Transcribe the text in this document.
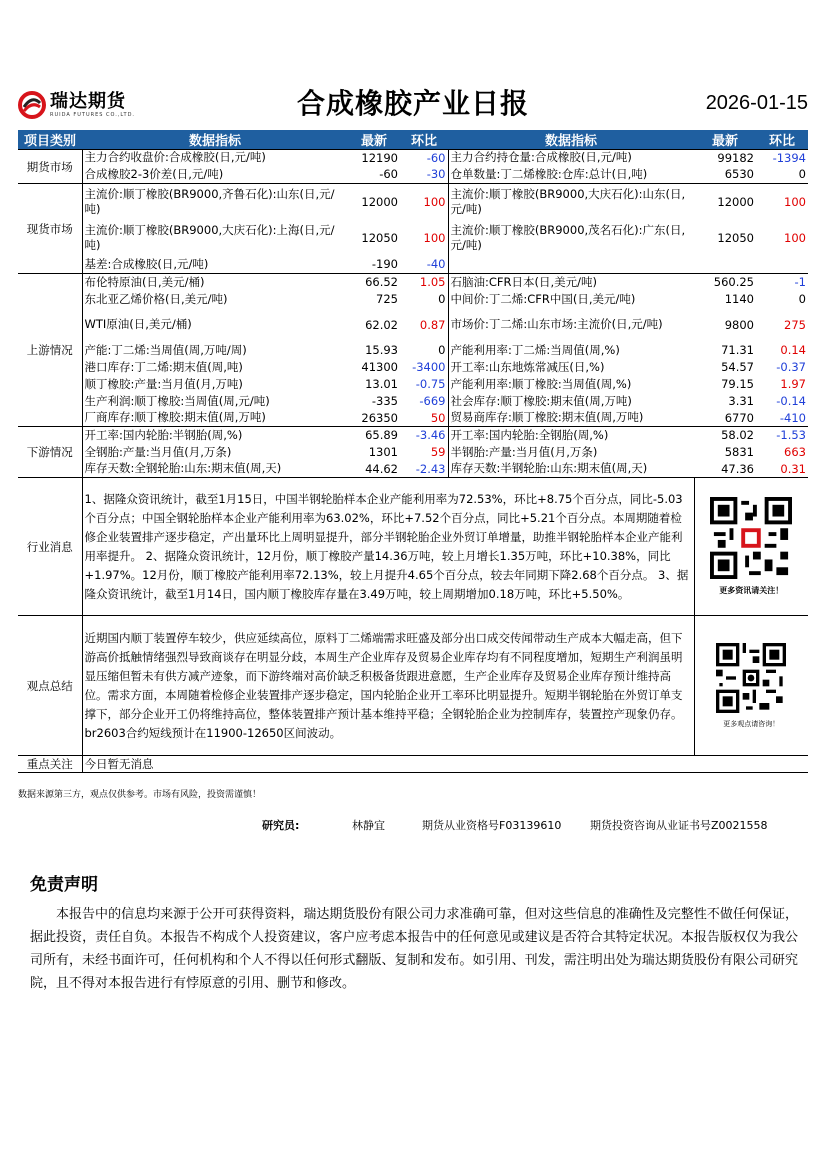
瑞达期货
RUIDA FUTURES CO.,LTD.	合成橡胶产业日报	2026-01-15
项目类别	数据指标	最新	环比	数据指标	最新	环比
期货市场	主力合约收盘价:合成橡胶(日,元/吨)	12190	-60	主力合约持仓量:合成橡胶(日,元/吨)	99182	-1394
	合成橡胶2-3价差(日,元/吨)	-60	-30	仓单数量:丁二烯橡胶:仓库:总计(日,吨)	6530	0
现货市场	主流价:顺丁橡胶(BR9000,齐鲁石化):山东(日,元/吨)	12000	100	主流价:顺丁橡胶(BR9000,大庆石化):山东(日,元/吨)	12000	100
	主流价:顺丁橡胶(BR9000,大庆石化):上海(日,元/吨)	12050	100	主流价:顺丁橡胶(BR9000,茂名石化):广东(日,元/吨)	12050	100
	基差:合成橡胶(日,元/吨)	-190	-40			
上游情况	布伦特原油(日,美元/桶)	66.52	1.05	石脑油:CFR日本(日,美元/吨)	560.25	-1
	东北亚乙烯价格(日,美元/吨)	725	0	中间价:丁二烯:CFR中国(日,美元/吨)	1140	0
	WTI原油(日,美元/桶)	62.02	0.87	市场价:丁二烯:山东市场:主流价(日,元/吨)	9800	275
	产能:丁二烯:当周值(周,万吨/周)	15.93	0	产能利用率:丁二烯:当周值(周,%)	71.31	0.14
	港口库存:丁二烯:期末值(周,吨)	41300	-3400	开工率:山东地炼常减压(日,%)	54.57	-0.37
	顺丁橡胶:产量:当月值(月,万吨)	13.01	-0.75	产能利用率:顺丁橡胶:当周值(周,%)	79.15	1.97
	生产利润:顺丁橡胶:当周值(周,元/吨)	-335	-669	社会库存:顺丁橡胶:期末值(周,万吨)	3.31	-0.14
	厂商库存:顺丁橡胶:期末值(周,万吨)	26350	50	贸易商库存:顺丁橡胶:期末值(周,万吨)	6770	-410
下游情况	开工率:国内轮胎:半钢胎(周,%)	65.89	-3.46	开工率:国内轮胎:全钢胎(周,%)	58.02	-1.53
	全钢胎:产量:当月值(月,万条)	1301	59	半钢胎:产量:当月值(月,万条)	5831	663
	库存天数:全钢轮胎:山东:期末值(周,天)	44.62	-2.43	库存天数:半钢轮胎:山东:期末值(周,天)	47.36	0.31
行业消息	1、据隆众资讯统计，截至1月15日，中国半钢轮胎样本企业产能利用率为72.53%，环比+8.75个百分点，同比-5.03个百分点；中国全钢轮胎样本企业产能利用率为63.02%，环比+7.52个百分点，同比+5.21个百分点。本周期随着检修企业装置排产逐步稳定，产出量环比上周明显提升，部分半钢轮胎企业外贸订单增量，助推半钢轮胎样本企业产能利用率提升。 2、据隆众资讯统计，12月份，顺丁橡胶产量14.36万吨，较上月增长1.35万吨，环比+10.38%，同比+1.97%。12月份，顺丁橡胶产能利用率72.13%，较上月提升4.65个百分点，较去年同期下降2.68个百分点。 3、据隆众资讯统计，截至1月14日，国内顺丁橡胶库存量在3.49万吨，较上周期增加0.18万吨，环比+5.50%。				更多资讯请关注！	

观点总结	近期国内顺丁装置停车较少，供应延续高位，原料丁二烯端需求旺盛及部分出口成交传闻带动生产成本大幅走高，但下游高价抵触情绪强烈导致商谈存在明显分歧，本周生产企业库存及贸易企业库存均有不同程度增加，短期生产利润虽明显压缩但暂未有供方减产迹象，而下游终端对高价缺乏积极备货跟进意愿，生产企业库存及贸易企业库存预计维持高位。需求方面，本周随着检修企业装置排产逐步稳定，国内轮胎企业开工率环比明显提升。短期半钢轮胎在外贸订单支撑下，部分企业开工仍将维持高位，整体装置排产预计基本维持平稳；全钢轮胎企业为控制库存，装置控产现象仍存。br2603合约短线预计在11900-12650区间波动。				更多观点请咨询！	

重点关注	今日暂无消息					
数据来源第三方，观点仅供参考。市场有风险，投资需谨慎！
研究员:	林静宜	期货从业资格号F03139610	期货投资咨询从业证书号Z0021558
免责声明
本报告中的信息均来源于公开可获得资料，瑞达期货股份有限公司力求准确可靠，但对这些信息的准确性及完整性不做任何保证，据此投资，责任自负。本报告不构成个人投资建议，客户应考虑本报告中的任何意见或建议是否符合其特定状况。本报告版权仅为我公司所有，未经书面许可，任何机构和个人不得以任何形式翻版、复制和发布。如引用、刊发，需注明出处为瑞达期货股份有限公司研究院，且不得对本报告进行有悖原意的引用、删节和修改。
